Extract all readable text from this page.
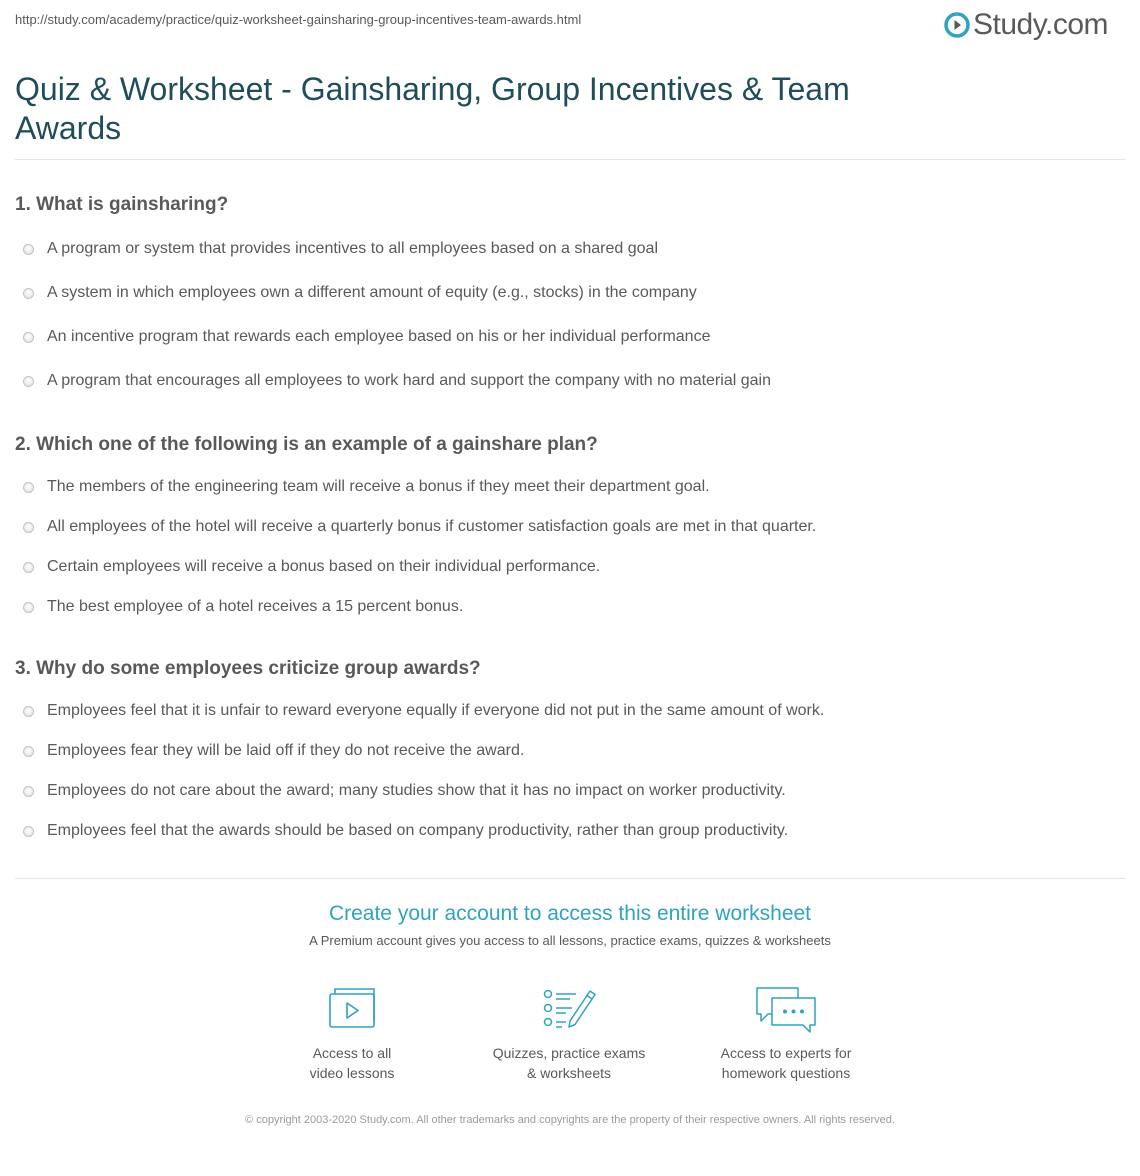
http://study.com/academy/practice/quiz-worksheet-gainsharing-group-incentives-team-awards.html	Study.com
Quiz & Worksheet - Gainsharing, Group Incentives & Team Awards
1. What is gainsharing?
A program or system that provides incentives to all employees based on a shared goal
A system in which employees own a different amount of equity (e.g., stocks) in the company
An incentive program that rewards each employee based on his or her individual performance
A program that encourages all employees to work hard and support the company with no material gain
2. Which one of the following is an example of a gainshare plan?
The members of the engineering team will receive a bonus if they meet their department goal.
All employees of the hotel will receive a quarterly bonus if customer satisfaction goals are met in that quarter.
Certain employees will receive a bonus based on their individual performance.
The best employee of a hotel receives a 15 percent bonus.
3. Why do some employees criticize group awards?
Employees feel that it is unfair to reward everyone equally if everyone did not put in the same amount of work.
Employees fear they will be laid off if they do not receive the award.
Employees do not care about the award; many studies show that it has no impact on worker productivity.
Employees feel that the awards should be based on company productivity, rather than group productivity.
Create your account to access this entire worksheet
A Premium account gives you access to all lessons, practice exams, quizzes & worksheets
Access to all
video lessons
Quizzes, practice exams
& worksheets
Access to experts for
homework questions
© copyright 2003-2020 Study.com. All other trademarks and copyrights are the property of their respective owners. All rights reserved.
